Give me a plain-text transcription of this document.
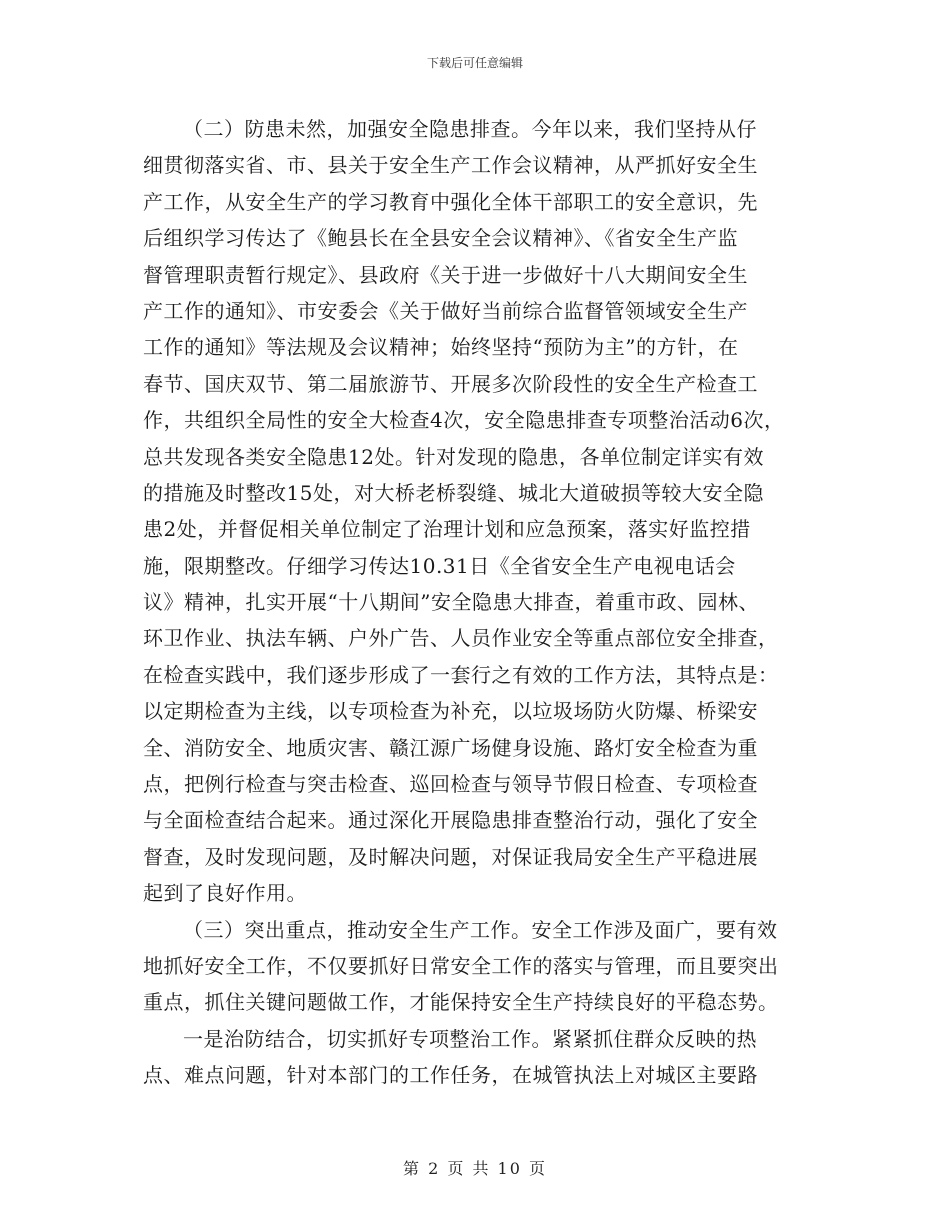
下载后可任意编辑
（二）防患未然，加强安全隐患排查。今年以来，我们坚持从仔
细贯彻落实省、市、县关于安全生产工作会议精神，从严抓好安全生
产工作，从安全生产的学习教育中强化全体干部职工的安全意识，先
后组织学习传达了《鲍县长在全县安全会议精神》、《省安全生产监
督管理职责暂行规定》、县政府《关于进一步做好十八大期间安全生
产工作的通知》、市安委会《关于做好当前综合监督管领域安全生产
工作的通知》等法规及会议精神；始终坚持“预防为主”的方针，在
春节、国庆双节、第二届旅游节、开展多次阶段性的安全生产检查工
作，共组织全局性的安全大检查4次，安全隐患排查专项整治活动6次，
总共发现各类安全隐患12处。针对发现的隐患，各单位制定详实有效
的措施及时整改15处，对大桥老桥裂缝、城北大道破损等较大安全隐
患2处，并督促相关单位制定了治理计划和应急预案，落实好监控措
施，限期整改。仔细学习传达10.31日《全省安全生产电视电话会
议》精神，扎实开展“十八期间”安全隐患大排查，着重市政、园林、
环卫作业、执法车辆、户外广告、人员作业安全等重点部位安全排查，
在检查实践中，我们逐步形成了一套行之有效的工作方法，其特点是：
以定期检查为主线，以专项检查为补充，以垃圾场防火防爆、桥梁安
全、消防安全、地质灾害、赣江源广场健身设施、路灯安全检查为重
点，把例行检查与突击检查、巡回检查与领导节假日检查、专项检查
与全面检查结合起来。通过深化开展隐患排查整治行动，强化了安全
督查，及时发现问题，及时解决问题，对保证我局安全生产平稳进展
起到了良好作用。
（三）突出重点，推动安全生产工作。安全工作涉及面广，要有效
地抓好安全工作，不仅要抓好日常安全工作的落实与管理，而且要突出
重点，抓住关键问题做工作，才能保持安全生产持续良好的平稳态势。
一是治防结合，切实抓好专项整治工作。紧紧抓住群众反映的热
点、难点问题，针对本部门的工作任务，在城管执法上对城区主要路
第 2 页 共 10 页
